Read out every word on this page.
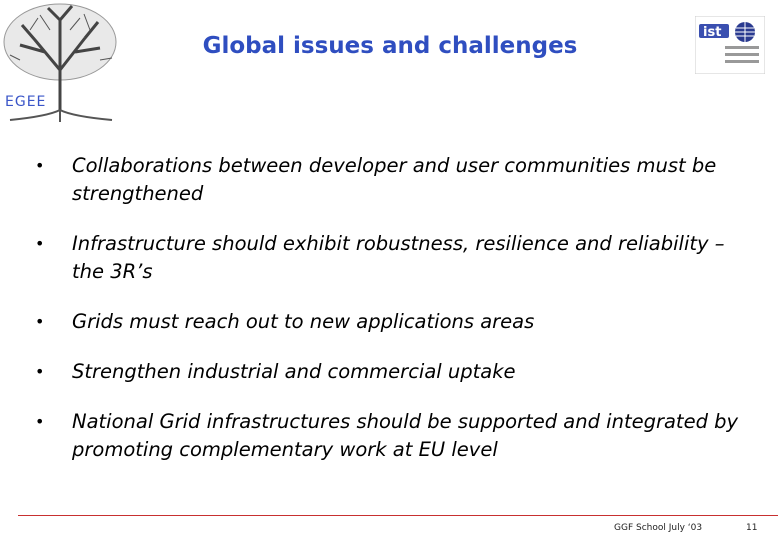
EGEE
ist
Global issues and challenges
• Collaborations between developer and user communities must be strengthened
• Infrastructure should exhibit robustness, resilience and reliability – the 3R’s
• Grids must reach out to new applications areas
• Strengthen industrial and commercial uptake
• National Grid infrastructures should be supported and integrated by promoting complementary work at EU level
GGF School July ‘03	11
